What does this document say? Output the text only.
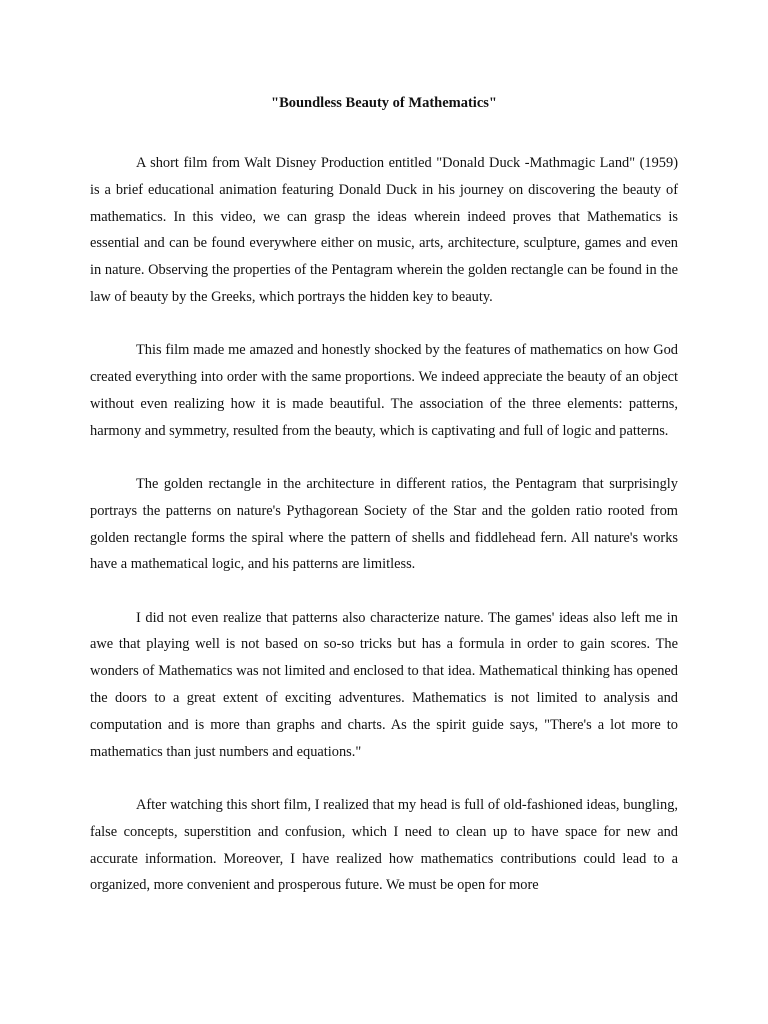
"Boundless Beauty of Mathematics"

A short film from Walt Disney Production entitled "Donald Duck -Mathmagic Land" (1959) is a brief educational animation featuring Donald Duck in his journey on discovering the beauty of mathematics. In this video, we can grasp the ideas wherein indeed proves that Mathematics is essential and can be found everywhere either on music, arts, architecture, sculpture, games and even in nature. Observing the properties of the Pentagram wherein the golden rectangle can be found in the law of beauty by the Greeks, which portrays the hidden key to beauty.

This film made me amazed and honestly shocked by the features of mathematics on how God created everything into order with the same proportions. We indeed appreciate the beauty of an object without even realizing how it is made beautiful. The association of the three elements: patterns, harmony and symmetry, resulted from the beauty, which is captivating and full of logic and patterns.

The golden rectangle in the architecture in different ratios, the Pentagram that surprisingly portrays the patterns on nature's Pythagorean Society of the Star and the golden ratio rooted from golden rectangle forms the spiral where the pattern of shells and fiddlehead fern. All nature's works have a mathematical logic, and his patterns are limitless.

I did not even realize that patterns also characterize nature. The games' ideas also left me in awe that playing well is not based on so-so tricks but has a formula in order to gain scores. The wonders of Mathematics was not limited and enclosed to that idea. Mathematical thinking has opened the doors to a great extent of exciting adventures. Mathematics is not limited to analysis and computation and is more than graphs and charts. As the spirit guide says, "There's a lot more to mathematics than just numbers and equations."

After watching this short film, I realized that my head is full of old-fashioned ideas, bungling, false concepts, superstition and confusion, which I need to clean up to have space for new and accurate information. Moreover, I have realized how mathematics contributions could lead to a organized, more convenient and prosperous future. We must be open for more
